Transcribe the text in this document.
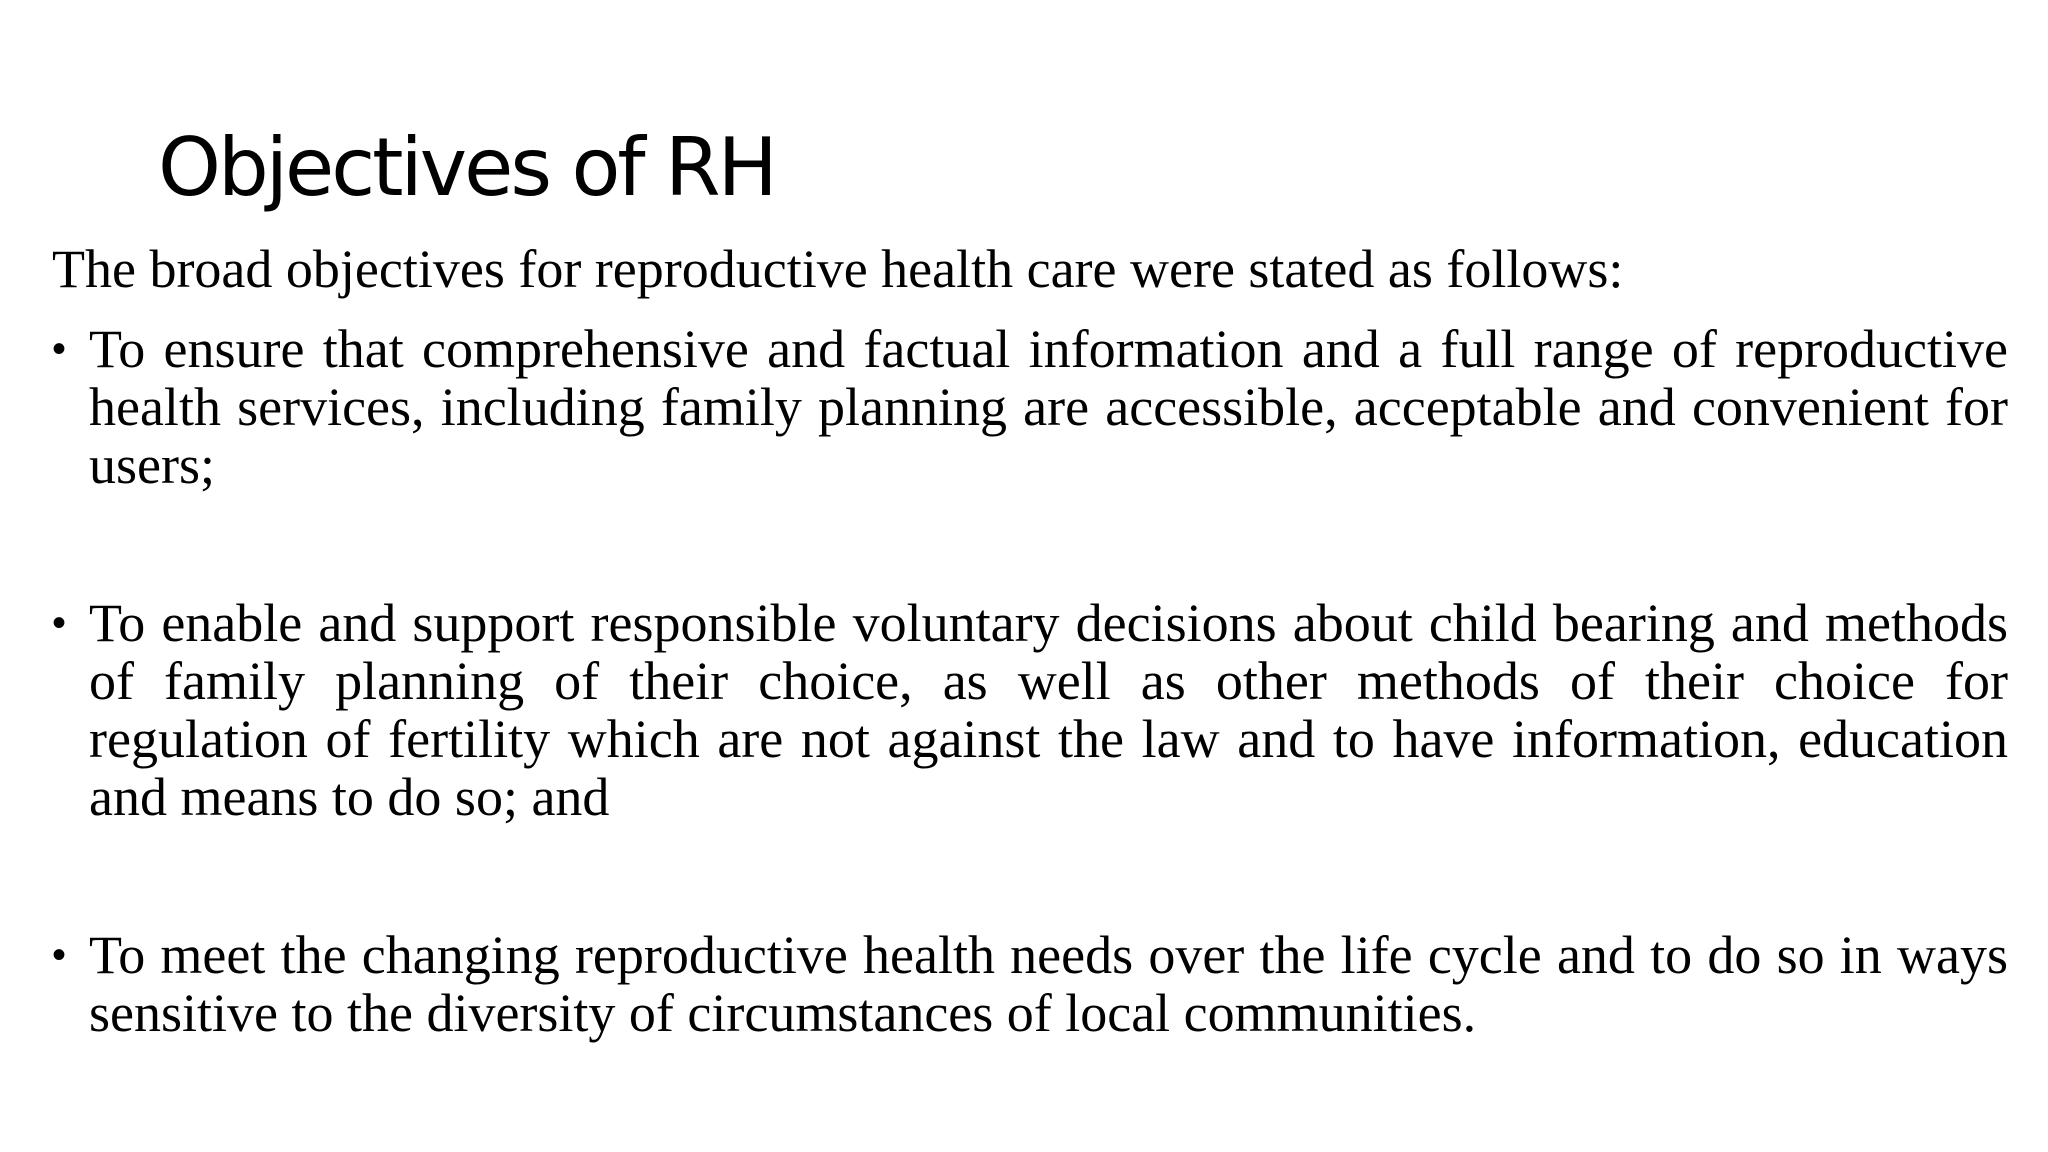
Objectives of RH

The broad objectives for reproductive health care were stated as follows:

• To ensure that comprehensive and factual information and a full range of reproductive health services, including family planning are accessible, acceptable and convenient for users;
• To enable and support responsible voluntary decisions about child bearing and methods of family planning of their choice, as well as other methods of their choice for regulation of fertility which are not against the law and to have information, education and means to do so; and
• To meet the changing reproductive health needs over the life cycle and to do so in ways sensitive to the diversity of circumstances of local communities.
